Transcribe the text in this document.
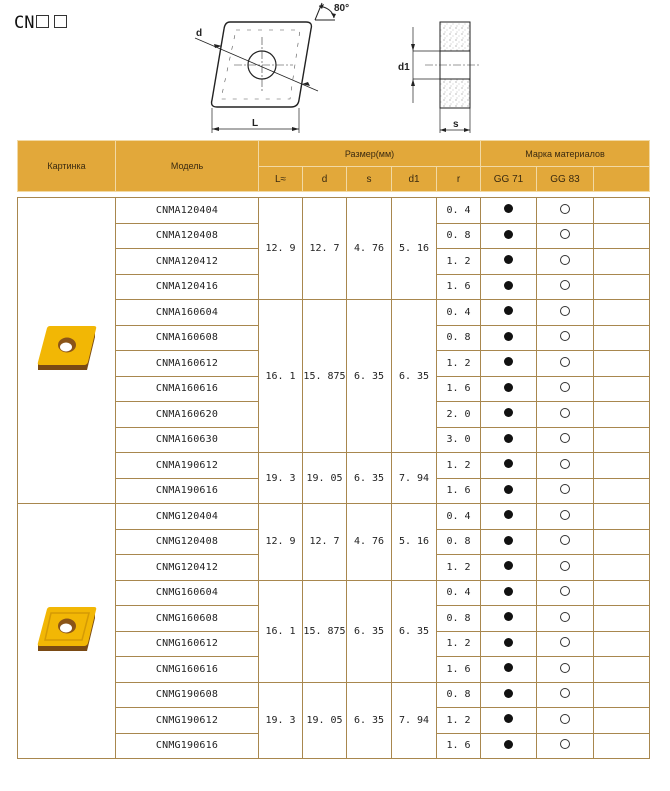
CN
80°
d
L
d1
s
Картинка	Модель	Размер(мм)					Марка материалов		
		L≈	d	s	d1	r	GG 71	GG 83	
	CNMA120404	12. 9	12. 7	4. 76	5. 16	0. 4			
	CNMA120408					0. 8			
	CNMA120412					1. 2			
	CNMA120416					1. 6			
	CNMA160604	16. 1	15. 875	6. 35	6. 35	0. 4			
	CNMA160608					0. 8			
	CNMA160612					1. 2			
	CNMA160616					1. 6			
	CNMA160620					2. 0			
	CNMA160630					3. 0			
	CNMA190612	19. 3	19. 05	6. 35	7. 94	1. 2			
	CNMA190616					1. 6			
	CNMG120404	12. 9	12. 7	4. 76	5. 16	0. 4			
	CNMG120408					0. 8			
	CNMG120412					1. 2			
	CNMG160604	16. 1	15. 875	6. 35	6. 35	0. 4			
	CNMG160608					0. 8			
	CNMG160612					1. 2			
	CNMG160616					1. 6			
	CNMG190608	19. 3	19. 05	6. 35	7. 94	0. 8			
	CNMG190612					1. 2			
	CNMG190616					1. 6			
